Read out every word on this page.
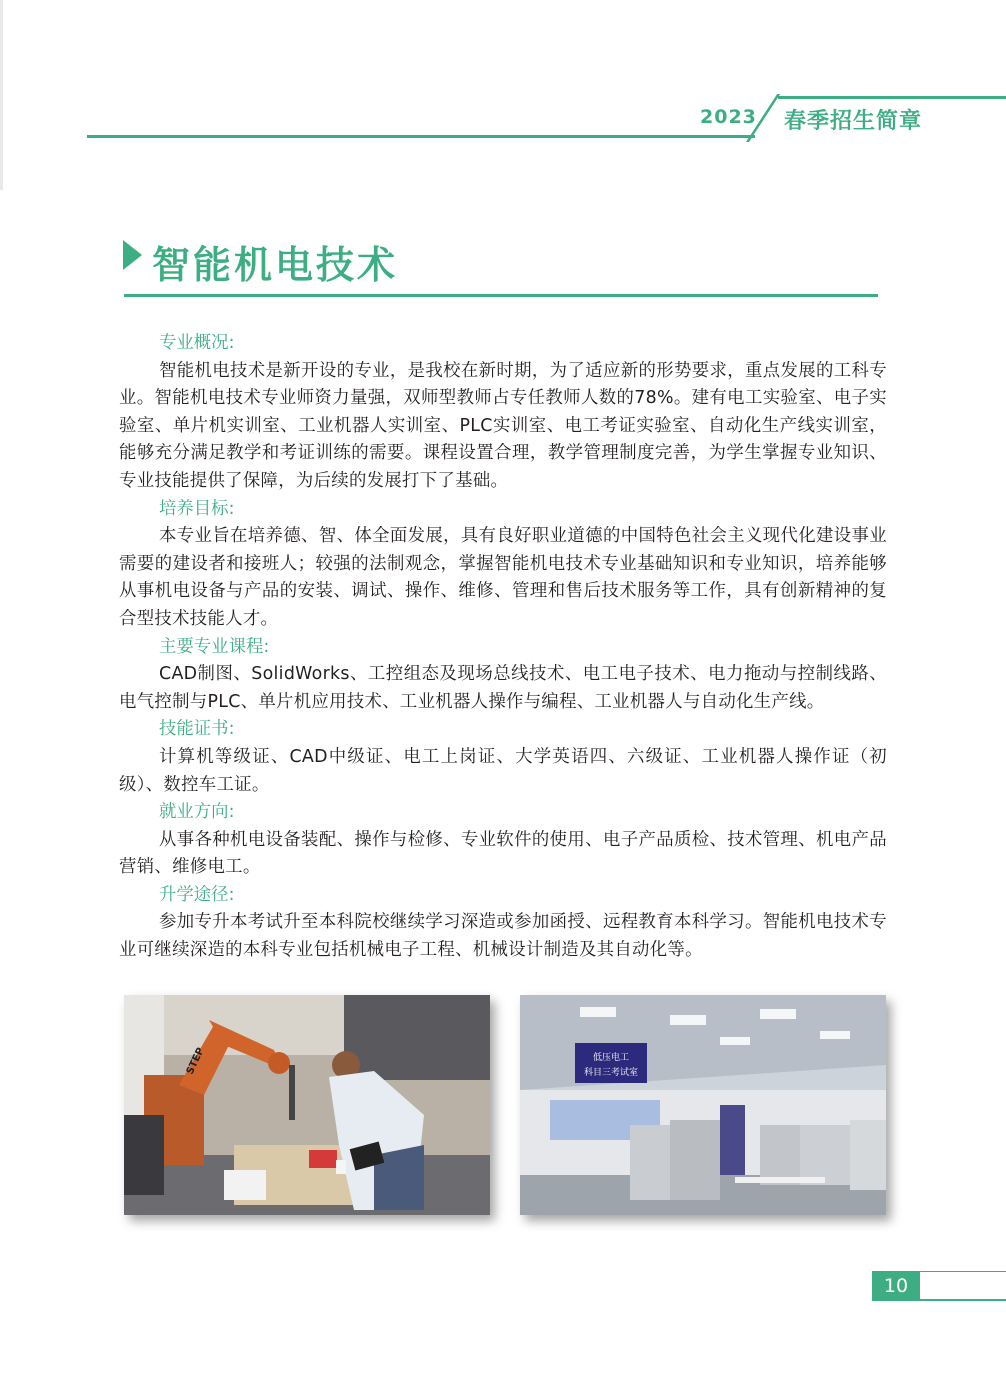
2023 春季招生简章
智能机电技术

专业概况:

智能机电技术是新开设的专业，是我校在新时期，为了适应新的形势要求，重点发展的工科专业。智能机电技术专业师资力量强，双师型教师占专任教师人数的78%。建有电工实验室、电子实验室、单片机实训室、工业机器人实训室、PLC实训室、电工考证实验室、自动化生产线实训室，能够充分满足教学和考证训练的需要。课程设置合理，教学管理制度完善，为学生掌握专业知识、专业技能提供了保障，为后续的发展打下了基础。

培养目标:

本专业旨在培养德、智、体全面发展，具有良好职业道德的中国特色社会主义现代化建设事业需要的建设者和接班人；较强的法制观念，掌握智能机电技术专业基础知识和专业知识，培养能够从事机电设备与产品的安装、调试、操作、维修、管理和售后技术服务等工作，具有创新精神的复合型技术技能人才。

主要专业课程:

CAD制图、SolidWorks、工控组态及现场总线技术、电工电子技术、电力拖动与控制线路、电气控制与PLC、单片机应用技术、工业机器人操作与编程、工业机器人与自动化生产线。

技能证书:

计算机等级证、CAD中级证、电工上岗证、大学英语四、六级证、工业机器人操作证（初级）、数控车工证。

就业方向:

从事各种机电设备装配、操作与检修、专业软件的使用、电子产品质检、技术管理、机电产品营销、维修电工。

升学途径:

参加专升本考试升至本科院校继续学习深造或参加函授、远程教育本科学习。智能机电技术专业可继续深造的本科专业包括机械电子工程、机械设计制造及其自动化等。

STEP	低压电工
科目三考试室
10
